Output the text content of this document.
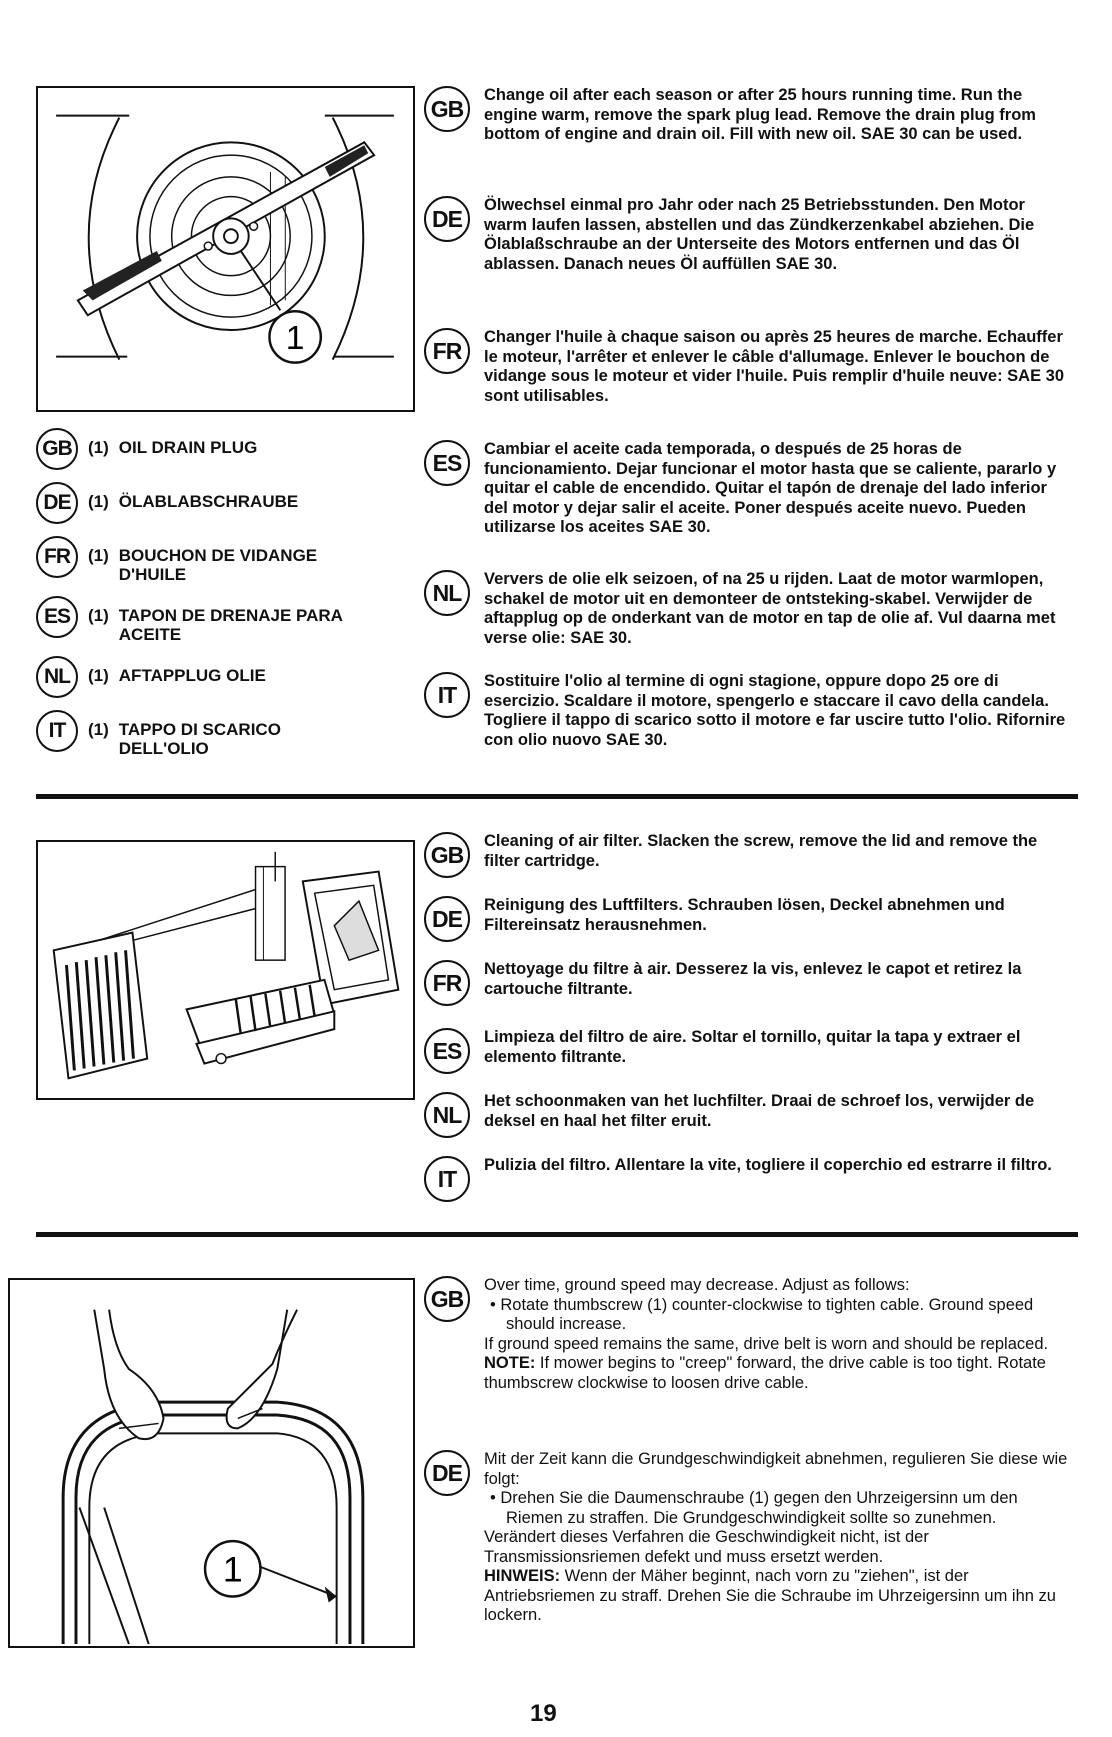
1
GB (1) OIL DRAIN PLUG
DE	(1) ÖLABLABSCHRAUBE
FR	(1) BOUCHON DE VIDANGE D'HUILE
ES	(1) TAPON DE DRENAJE PARA ACEITE
NL	(1) AFTAPPLUG OLIE
IT	(1) TAPPO DI SCARICO DELL'OLIO
GB
Change oil after each season or after 25 hours running time. Run the engine warm, remove the spark plug lead. Remove the drain plug from bottom of engine and drain oil. Fill with new oil. SAE 30 can be used.
DE
Ölwechsel einmal pro Jahr oder nach 25 Betriebsstunden. Den Motor warm laufen lassen, abstellen und das Zündkerzenkabel abziehen. Die Ölablaßschraube an der Unterseite des Motors entfernen und das Öl ablassen. Danach neues Öl auffüllen SAE 30.
FR
Changer l'huile à chaque saison ou après 25 heures de marche. Echauffer le moteur, l'arrêter et enlever le câble d'allumage. Enlever le bouchon de vidange sous le moteur et vider l'huile. Puis remplir d'huile neuve: SAE 30 sont utilisables.
ES
Cambiar el aceite cada temporada, o después de 25 horas de funcionamiento. Dejar funcionar el motor hasta que se caliente, pararlo y quitar el cable de encendido. Quitar el tapón de drenaje del lado inferior del motor y dejar salir el aceite. Poner después aceite nuevo. Pueden utilizarse los aceites SAE 30.
NL
Ververs de olie elk seizoen, of na 25 u rijden. Laat de motor warmlopen, schakel de motor uit en demonteer de ontsteking-skabel. Verwijder de aftapplug op de onderkant van de motor en tap de olie af. Vul daarna met verse olie: SAE 30.
IT
Sostituire l'olio al termine di ogni stagione, oppure dopo 25 ore di esercizio. Scaldare il motore, spengerlo e staccare il cavo della candela. Togliere il tappo di scarico sotto il motore e far uscire tutto l'olio. Rifornire con olio nuovo SAE 30.
GB
Cleaning of air filter. Slacken the screw, remove the lid and remove the filter cartridge.
DE
Reinigung des Luftfilters. Schrauben lösen, Deckel abnehmen und Filtereinsatz herausnehmen.
FR
Nettoyage du filtre à air. Desserez la vis, enlevez le capot et retirez la cartouche filtrante.
ES
Limpieza del filtro de aire. Soltar el tornillo, quitar la tapa y extraer el elemento filtrante.
NL
Het schoonmaken van het luchfilter. Draai de schroef los, verwijder de deksel en haal het filter eruit.
IT
Pulizia del filtro. Allentare la vite, togliere il coperchio ed estrarre il filtro.
1
GB

Over time, ground speed may decrease. Adjust as follows:

• Rotate thumbscrew (1) counter-clockwise to tighten cable. Ground speed should increase.

If ground speed remains the same, drive belt is worn and should be replaced.

NOTE: If mower begins to "creep" forward, the drive cable is too tight. Rotate thumbscrew clockwise to loosen drive cable.

DE

Mit der Zeit kann die Grundgeschwindigkeit abnehmen, regulieren Sie diese wie folgt:

• Drehen Sie die Daumenschraube (1) gegen den Uhrzeigersinn um den Riemen zu straffen. Die Grundgeschwindigkeit sollte so zunehmen.

Verändert dieses Verfahren die Geschwindigkeit nicht, ist der Transmissionsriemen defekt und muss ersetzt werden.

HINWEIS: Wenn der Mäher beginnt, nach vorn zu "ziehen", ist der Antriebsriemen zu straff. Drehen Sie die Schraube im Uhrzeigersinn um ihn zu lockern.

19
